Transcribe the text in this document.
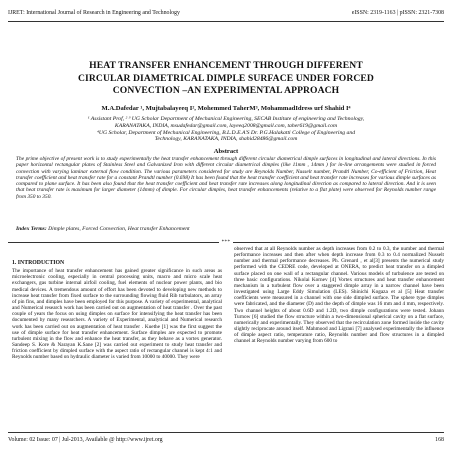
IJRET: International Journal of Research in Engineering and Technology	eISSN: 2319-1163 | pISSN: 2321-7308
HEAT TRANSFER ENHANCEMENT THROUGH DIFFERENT
CIRCULAR DIAMETRICAL DIMPLE SURFACE UNDER FORCED
CONVECTION –AN EXPERIMENTAL APPROACH
M.A.Dafedar ¹, Mujtabalayeeq I², Mohemmed TaherM³, MohammadIdress urf Shahid I⁴
¹ Assistant Prof, ² ³ UG Scholar Department of Mechanical Engineering, SECAB Institute of engineering and Technology,
KARANATAKA, INDIA, msudafedar@gmail.com, layeeq2008@gmail.com, taher619@gmail.com
⁴UG Scholar, Department of Mechanical Engineering, B.L.D.E.A'S Dr. P.G.Halakatti College of Engineering and
Technology, KARANATAKA, INDIA, shahid28486@gmail.com
Abstract
The prime objective of present work is to study experimentally the heat transfer enhancement through different circular diametrical dimple surfaces in longitudinal and lateral directions. In this paper horizontal rectangular plates of Stainless Steel and Galvanized Iron with different circular diametrical dimples (like 11mm , 14mm ) for in-line arrangements were studied in forced convection with varying laminar external flow condition. The various parameters considered for study are Reynolds Number, Nusselt number, Prandtl Number, Co-efficient of Friction, Heat transfer coefficient and heat transfer rate for a constant Prandtl number (0.698) It has been found that the heat transfer coefficient and heat transfer rate increases for various dimple surfaces as compared to plane surface. It has been also found that the heat transfer coefficient and heat transfer rate increases along longitudinal direction as compared to lateral direction. And it is seen that heat transfer rate is maximum for larger diameter (14mm) of dimple. For circular dimples, heat transfer enhancements (relative to a flat plate) were observed for Reynolds number range from 350 to 350.
Index Terms: Dimple plates, Forced Convection, Heat transfer Enhancement
***
1. INTRODUCTION

The importance of heat transfer enhancement has gained greater significance in such areas as microelectronic cooling, especially in central processing units, macro and micro scale heat exchangers, gas turbine internal airfoil cooling, fuel elements of nuclear power plants, and bio medical devices. A tremendous amount of effort has been devoted to developing new methods to increase heat transfer from fixed surface to the surrounding flowing fluid Rib turbulators, an array of pin fins, and dimples have been employed for this purpose. A variety of experimental, analytical and Numerical research work has been carried out on augmentation of heat transfer . Over the past couple of years the focus on using dimples on surface for intensifying the heat transfer has been documented by many researchers. A variety of Experimental, analytical and Numerical research work has been carried out on augmentation of heat transfer . Kuethe [1] was the first suggest the use of dimple surface for heat transfer enhancement. Surface dimples are expected to promote turbulent mixing in the flow and enhance the heat transfer, as they behave as a vortex generator. Sandeep S. Kore & Narayan K.Sane [2] was carried out experiment to study heat transfer and friction coefficient by dimpled surface with the aspect ratio of rectangular channel is kept 4:1 and Reynolds number based on hydraulic diameter is varied from 10000 to 40000. They were

observed that at all Reynolds number as depth increases from 0.2 to 0.3, the number and thermal performance increases and then after when depth increase from 0.3 to 0.4 normalized Nusselt number and thermal performance decreases. Ph. Grenard , et al[3] presents the numerical study performed with the CEDRE code, developed at ONERA, to predict heat transfer on a dimpled surface placed on one wall of a rectangular channel. Various models of turbulence are tested on three basic configurations. Nikolai Kornev [4] Vortex structures and heat transfer enhancement mechanism in a turbulent flow over a staggered dimple array in a narrow channel have been investigated using Large Eddy Simulation (LES). Shinichi Kogaza et al [5] Heat transfer coefficients were measured in a channel with one side dimpled surface. The sphere type dimples were fabricated, and the diameter (D) and the depth of dimple was 16 mm and 4 mm, respectively. Two channel heights of about 0.6D and 1.2D, two dimple configurations were tested. Johann Turnow [6] studied the flow structure within a two-dimensional spherical cavity on a flat surface, numerically and experimentally. They observed that the recirculation zone formed inside the cavity slightly reciprocate around itself. Mahmood and Ligrani [7] analysed experimentally the influence of dimple aspect ratio, temperature ratio, Reynolds number and flow structures in a dimpled channel at Reynolds number varying from 600 to

Volume: 02 Issue: 07 | Jul-2013, Available @ http://www.ijret.org	168
